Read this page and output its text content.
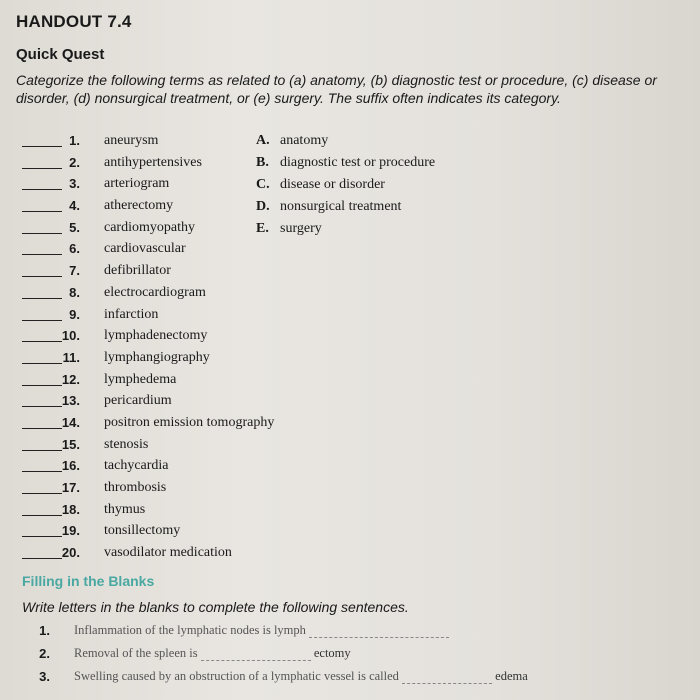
HANDOUT 7.4
Quick Quest
Categorize the following terms as related to (a) anatomy, (b) diagnostic test or procedure, (c) disease or disorder, (d) nonsurgical treatment, or (e) surgery. The suffix often indicates its category.
1. aneurysm
2. antihypertensives
3. arteriogram
4. atherectomy
5. cardiomyopathy
6. cardiovascular
7. defibrillator
8. electrocardiogram
9. infarction
10. lymphadenectomy
11. lymphangiography
12. lymphedema
13. pericardium
14. positron emission tomography
15. stenosis
16. tachycardia
17. thrombosis
18. thymus
19. tonsillectomy
20. vasodilator medication
A. anatomy
B. diagnostic test or procedure
C. disease or disorder
D. nonsurgical treatment
E. surgery
Filling in the Blanks
Write letters in the blanks to complete the following sentences.
1. Inflammation of the lymphatic nodes is lymph
2. Removal of the spleen is	ectomy
3. Swelling caused by an obstruction of a lymphatic vessel is called	edema
